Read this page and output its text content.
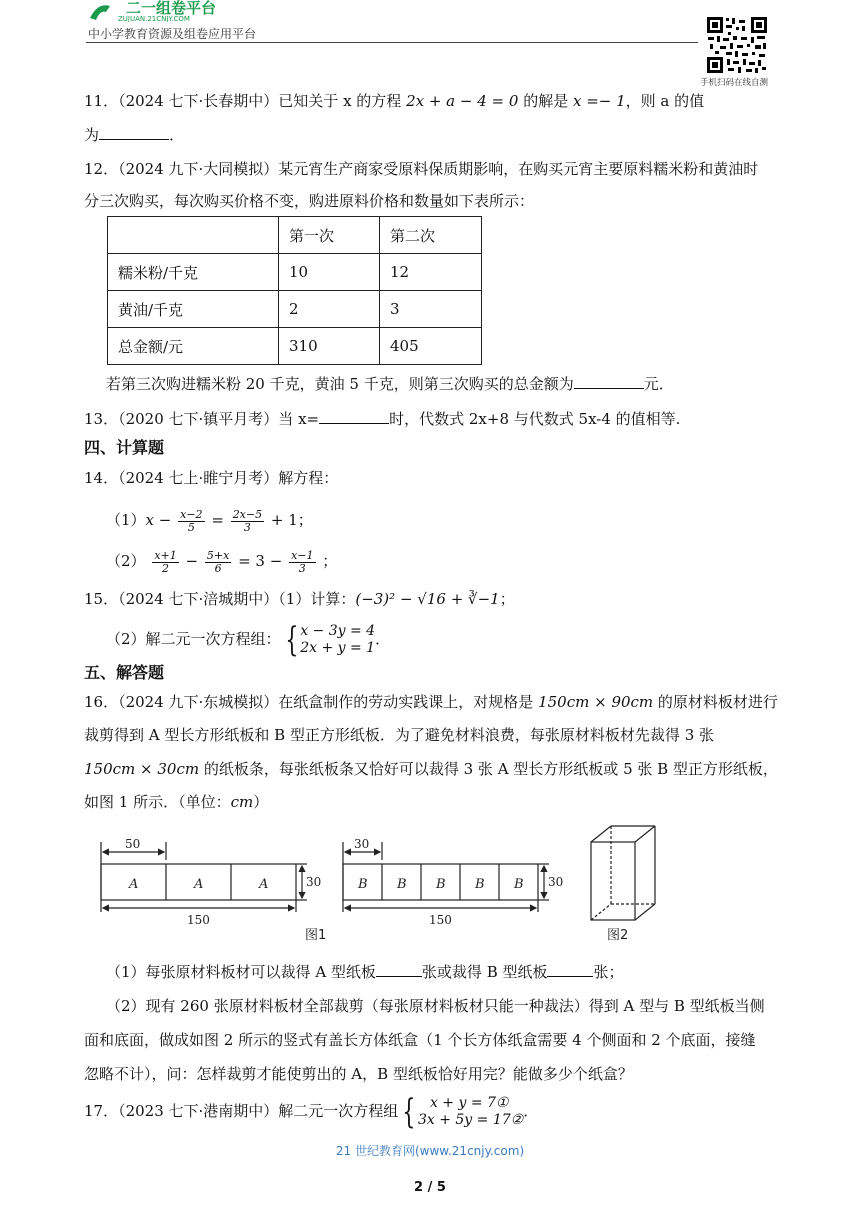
二一组卷平台
ZUJUAN.21CNJY.COM
中小学教育资源及组卷应用平台
手机扫码在线自测
11．（2024 七下·长春期中）已知关于 x 的方程 2x + a − 4 = 0 的解是 x =− 1，则 a 的值
为	．
12．（2024 九下·大同模拟）某元宵生产商家受原料保质期影响，在购买元宵主要原料糯米粉和黄油时
分三次购买，每次购买价格不变，购进原料价格和数量如下表所示：
	第一次	第二次
糯米粉/千克	10	12
黄油/千克	2	3
总金额/元	310	405
若第三次购进糯米粉 20 千克，黄油 5 千克，则第三次购买的总金额为	元．
13．（2020 七下·镇平月考）当 x=	时，代数式 2x+8 与代数式 5x-4 的值相等.
四、计算题
14．（2024 七上·睢宁月考）解方程：
$(1)x - \frac{x-2}{5} = \frac{2x-5}{3} + 1$；
$(2) \frac{x+1}{2} - \frac{5+x}{6} = 3 - \frac{x-1}{3}$ ；
15．（2024 七下·涪城期中）（1）计算：(−3)² − √16 + ∛−1；
（2）解二元一次方程组： { x − 3y = 4
2x + y = 1 ．
五、解答题
16．（2024 九下·东城模拟）在纸盒制作的劳动实践课上，对规格是 150cm × 90cm 的原材料板材进行
裁剪得到 A 型长方形纸板和 B 型正方形纸板．为了避免材料浪费，每张原材料板材先裁得 3 张
150cm × 30cm 的纸板条，每张纸板条又恰好可以裁得 3 张 A 型长方形纸板或 5 张 B 型正方形纸板，
如图 1 所示．（单位：cm）
50
A	A	A	30
150
30
B B B B B 30
150
图1	图2
（1）每张原材料板材可以裁得 A 型纸板	张或裁得 B 型纸板	张；
（2）现有 260 张原材料板材全部裁剪（每张原材料板材只能一种裁法）得到 A 型与 B 型纸板当侧
面和底面，做成如图 2 所示的竖式有盖长方体纸盒（1 个长方体纸盒需要 4 个侧面和 2 个底面，接缝
忽略不计），问：怎样裁剪才能使剪出的 A，B 型纸板恰好用完？能做多少个纸盒？
17．（2023 七下·港南期中）解二元一次方程组 {	x + y = 7①
3x + 5y = 17② ．
21 世纪教育网(www.21cnjy.com)
2 / 5
